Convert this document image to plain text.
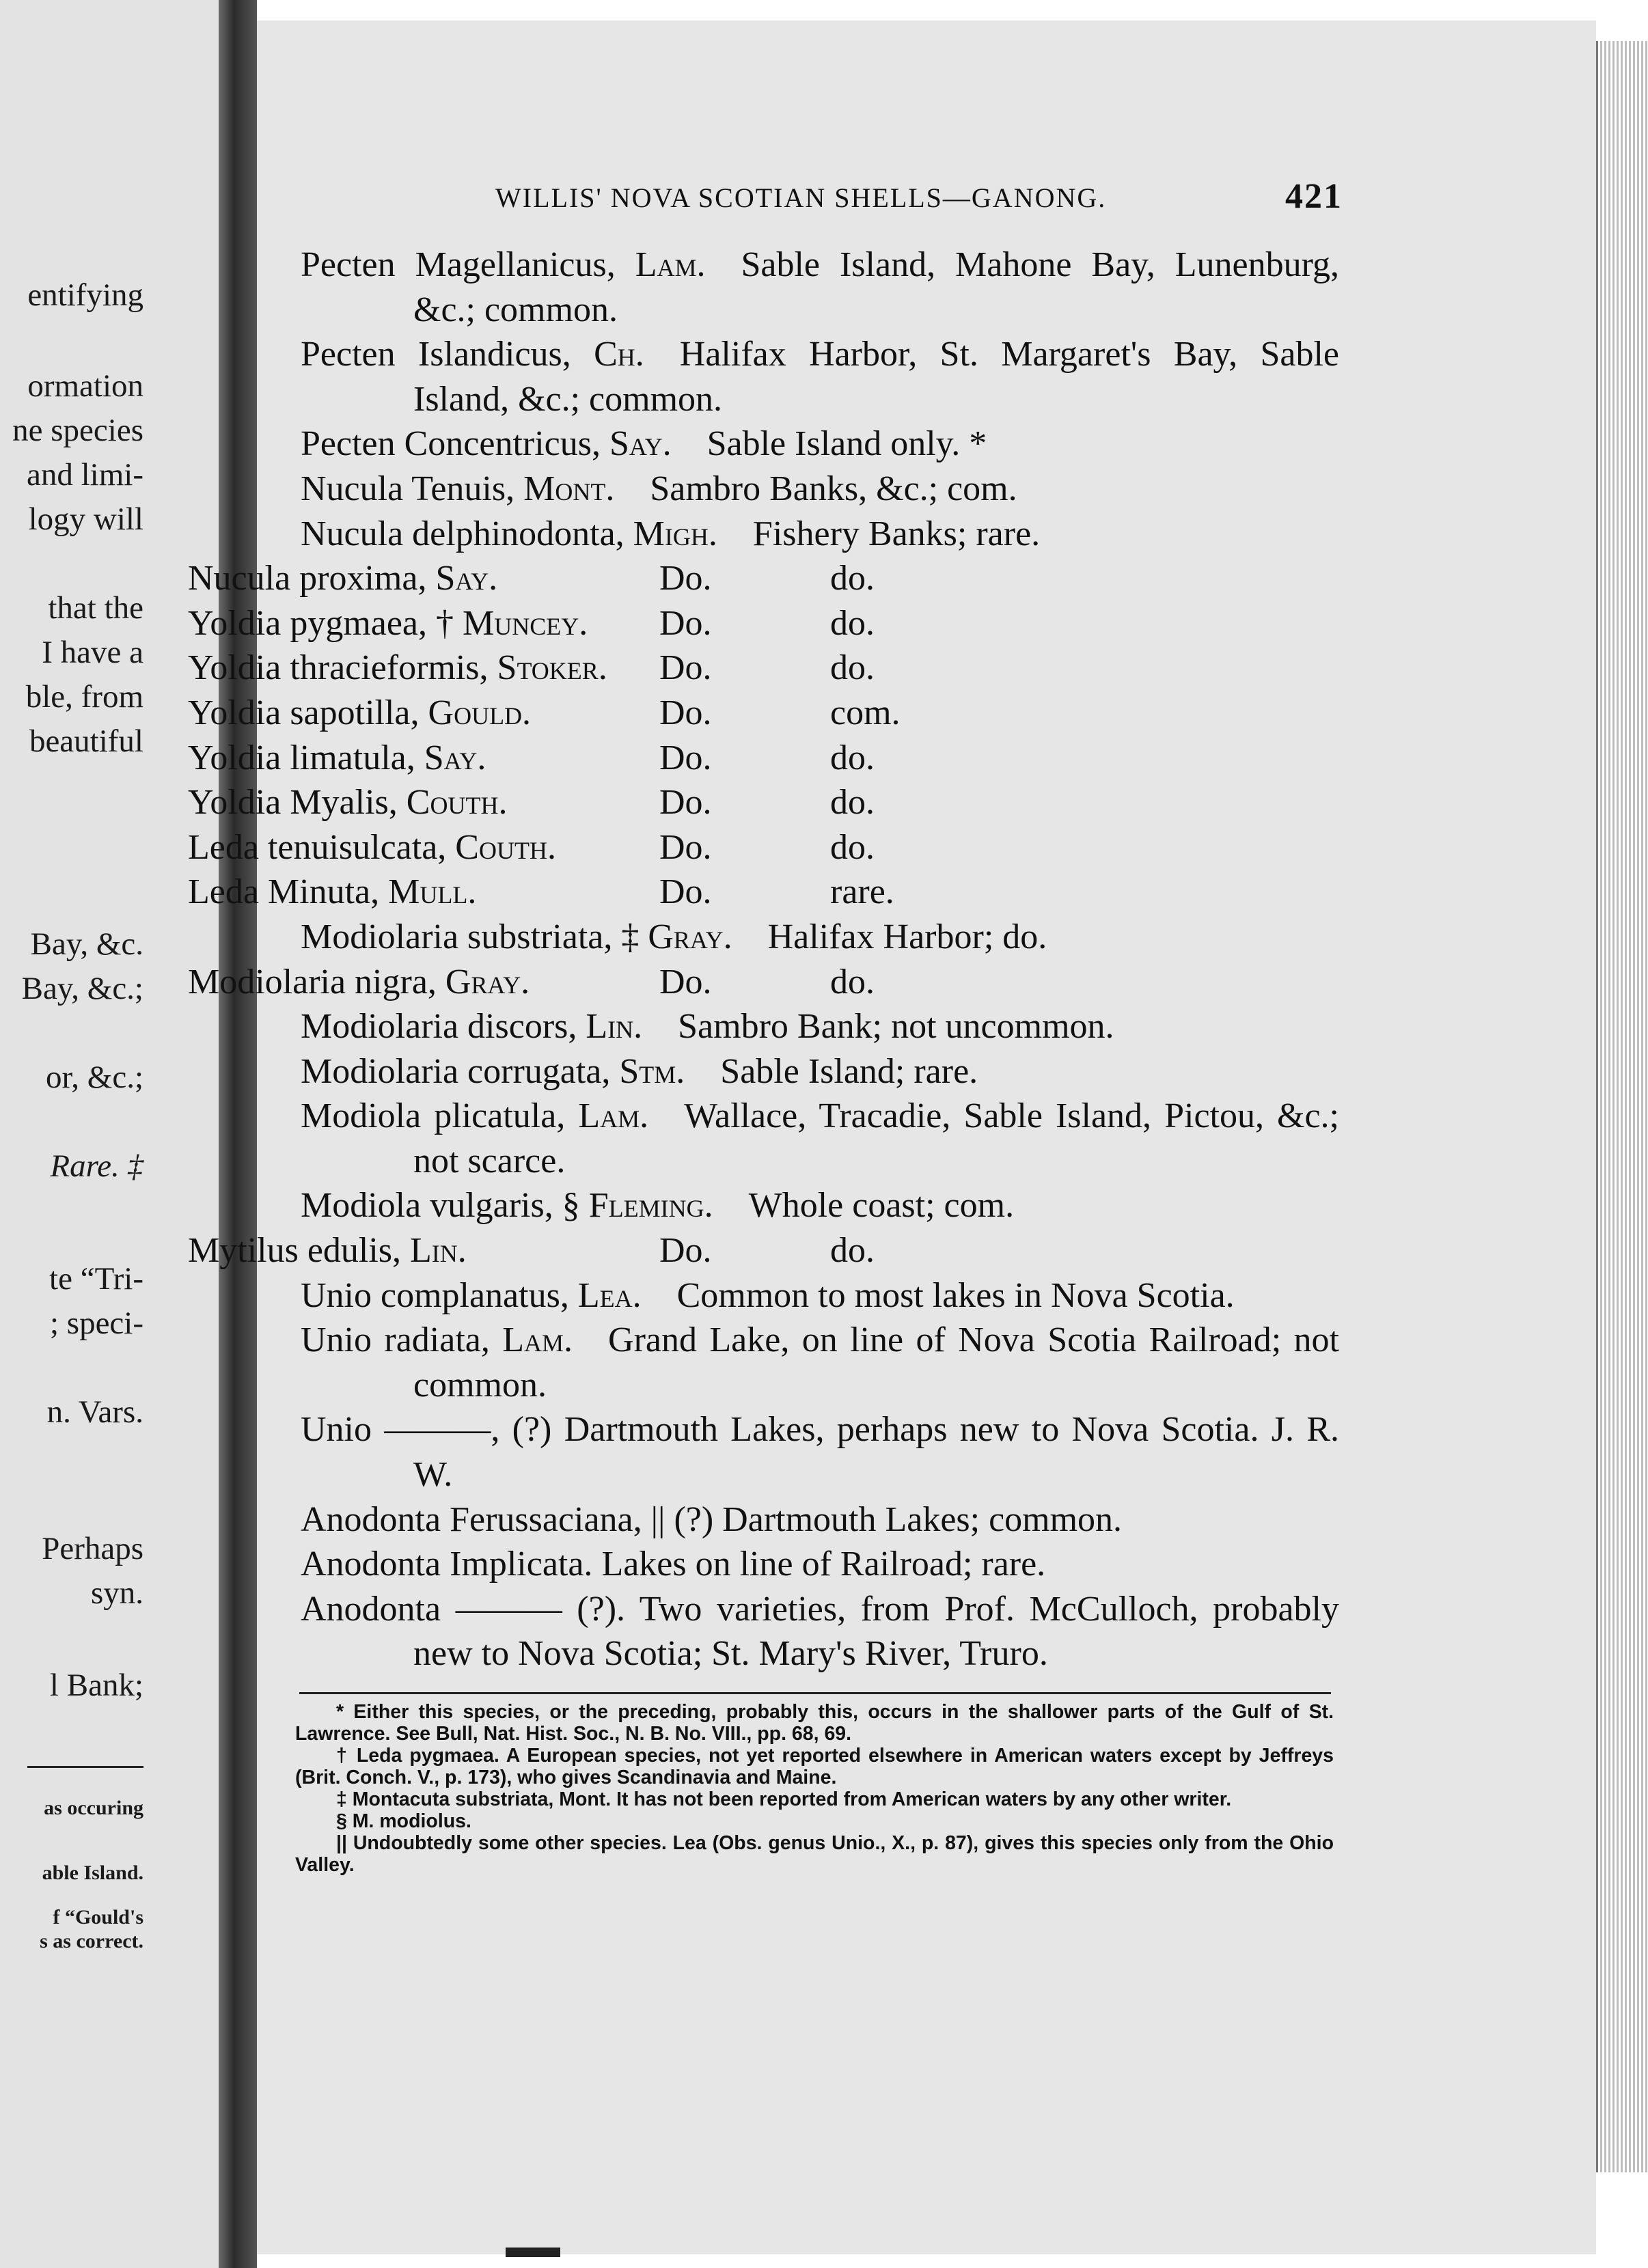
entifying
ormation
ne species
and limi-
logy will
that the
I have a
ble, from
beautiful
Bay, &c.
Bay, &c.;
or, &c.;
Rare. ‡
te “Tri-
; speci-
n. Vars.
Perhaps
syn.
l Bank;
as occuring
able Island.
f “Gould's
s as correct.
WILLIS' NOVA SCOTIAN SHELLS—GANONG.	421
Pecten Magellanicus, Lam.  Sable Island, Mahone Bay, Lunenburg, &c.; common.
Pecten Islandicus, Ch.  Halifax Harbor, St. Margaret's Bay, Sable Island, &c.; common.
Pecten Concentricus, Say.  Sable Island only. *
Nucula Tenuis, Mont.  Sambro Banks, &c.; com.
Nucula delphinodonta, Migh.  Fishery Banks; rare.
Nucula proxima, Say.	Do.	do.
Yoldia pygmaea, † Muncey. Do.	do.
Yoldia thracieformis, Stoker. Do.	do.
Yoldia sapotilla, Gould.	Do.	com.
Yoldia limatula, Say.	Do.	do.
Yoldia Myalis, Couth.	Do.	do.
Leda tenuisulcata, Couth.	Do.	do.
Leda Minuta, Mull.	Do.	rare.
Modiolaria substriata, ‡ Gray.  Halifax Harbor; do.
Modiolaria nigra, Gray.	Do.	do.
Modiolaria discors, Lin.  Sambro Bank; not uncommon.
Modiolaria corrugata, Stm.  Sable Island; rare.
Modiola plicatula, Lam.  Wallace, Tracadie, Sable Island, Pictou, &c.; not scarce.
Modiola vulgaris, § Fleming.  Whole coast; com.
Mytilus edulis, Lin.	Do.	do.
Unio complanatus, Lea.  Common to most lakes in Nova Scotia.
Unio radiata, Lam.  Grand Lake, on line of Nova Scotia Railroad; not common.
Unio ———, (?) Dartmouth Lakes, perhaps new to Nova Scotia. J. R. W.
Anodonta Ferussaciana, || (?) Dartmouth Lakes; common.
Anodonta Implicata. Lakes on line of Railroad; rare.
Anodonta ——— (?). Two varieties, from Prof. McCulloch, probably new to Nova Scotia; St. Mary's River, Truro.
* Either this species, or the preceding, probably this, occurs in the shallower parts of the Gulf of St. Lawrence. See Bull, Nat. Hist. Soc., N. B. No. VIII., pp. 68, 69.
† Leda pygmaea. A European species, not yet reported elsewhere in American waters except by Jeffreys (Brit. Conch. V., p. 173), who gives Scandinavia and Maine.
‡ Montacuta substriata, Mont. It has not been reported from American waters by any other writer.
§ M. modiolus.
|| Undoubtedly some other species. Lea (Obs. genus Unio., X., p. 87), gives this species only from the Ohio Valley.
